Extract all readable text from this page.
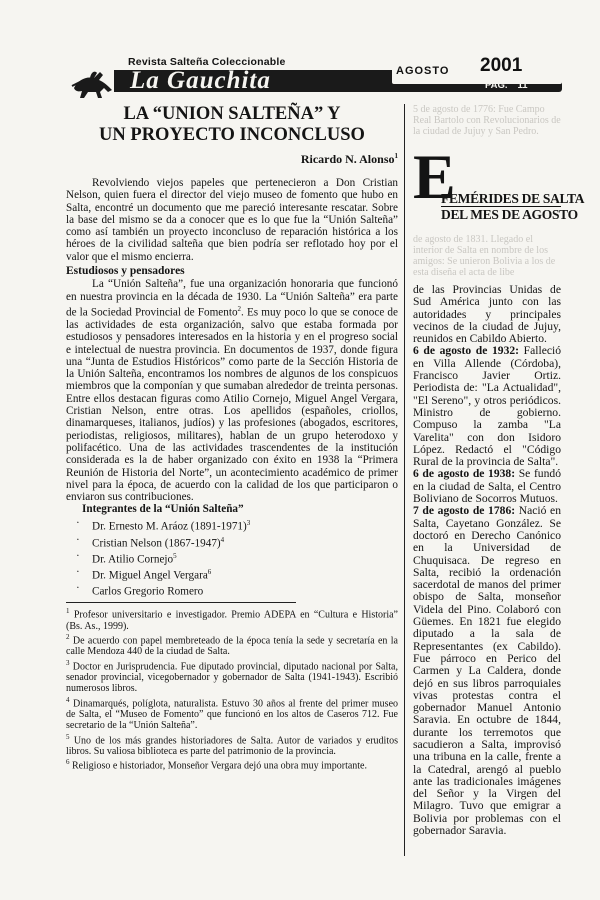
Revista Salteña Coleccionable
La Gauchita	AGOSTO 2001
PAG. 11
LA “UNION SALTEÑA” Y
UN PROYECTO INCONCLUSO
Ricardo N. Alonso$^1$

Revolviendo viejos papeles que pertenecieron a Don Cristian Nelson, quien fuera el director del viejo museo de fomento que hubo en Salta, encontré un documento que me pareció interesante rescatar. Sobre la base del mismo se da a conocer que es lo que fue la “Unión Salteña” como así también un proyecto inconcluso de reparación histórica a los héroes de la civilidad salteña que bien podría ser reflotado hoy por el valor que el mismo encierra.

Estudiosos y pensadores

La “Unión Salteña”, fue una organización honoraria que funcionó en nuestra provincia en la década de 1930. La “Unión Salteña” era parte de la Sociedad Provincial de Fomento$^2$. Es muy poco lo que se conoce de las actividades de esta organización, salvo que estaba formada por estudiosos y pensadores interesados en la historia y en el progreso social e intelectual de nuestra provincia. En documentos de 1937, donde figura una “Junta de Estudios Históricos” como parte de la Sección Historia de la Unión Salteña, encontramos los nombres de algunos de los conspicuos miembros que la componían y que sumaban alrededor de treinta personas. Entre ellos destacan figuras como Atilio Cornejo, Miguel Angel Vergara, Cristian Nelson, entre otras. Los apellidos (españoles, criollos, dinamarqueses, italianos, judíos) y las profesiones (abogados, escritores, periodistas, religiosos, militares), hablan de un grupo heterodoxo y polifacético. Una de las actividades trascendentes de la institución considerada es la de haber organizado con éxito en 1938 la “Primera Reunión de Historia del Norte”, un acontecimiento académico de primer nivel para la época, de acuerdo con la calidad de los que participaron o enviaron sus contribuciones.

Integrantes de la “Unión Salteña”
· Dr. Ernesto M. Aráoz (1891-1971)$^3$
· Cristian Nelson (1867-1947)$^4$
· Dr. Atilio Cornejo$^5$
· Dr. Miguel Angel Vergara$^6$
· Carlos Gregorio Romero
$^1$ Profesor universitario e investigador. Premio ADEPA en “Cultura e Historia” (Bs. As., 1999).
$^2$ De acuerdo con papel membreteado de la época tenía la sede y secretaría en la calle Mendoza 440 de la ciudad de Salta.
$^3$ Doctor en Jurisprudencia. Fue diputado provincial, diputado nacional por Salta, senador provincial, vicegobernador y gobernador de Salta (1941-1943). Escribió numerosos libros.
$^4$ Dinamarqués, políglota, naturalista. Estuvo 30 años al frente del primer museo de Salta, el “Museo de Fomento” que funcionó en los altos de Caseros 712. Fue secretario de la “Unión Salteña”.
$^5$ Uno de los más grandes historiadores de Salta. Autor de variados y eruditos libros. Su valiosa biblioteca es parte del patrimonio de la provincia.
$^6$ Religioso e historiador, Monseñor Vergara dejó una obra muy importante.
5 de agosto de 1776: Fue Campo Real Bartolo con Revolucionarios de la ciudad de Jujuy y San Pedro.
E
FEMÉRIDES DE SALTA
DEL MES DE AGOSTO
de agosto de 1831. Llegado el interior de Salta en nombre de los amigos: Se unieron Bolivia a los de esta diseña el acta de libe

de las Provincias Unidas de Sud América junto con las autoridades y principales vecinos de la ciudad de Jujuy, reunidos en Cabildo Abierto.

6 de agosto de 1932: Falleció en Villa Allende (Córdoba), Francisco Javier Ortiz. Periodista de: "La Actualidad", "El Sereno", y otros periódicos. Ministro de gobierno. Compuso la zamba "La Varelita" con don Isidoro López. Redactó el "Código Rural de la provincia de Salta".

6 de agosto de 1938: Se fundó en la ciudad de Salta, el Centro Boliviano de Socorros Mutuos.

7 de agosto de 1786: Nació en Salta, Cayetano González. Se doctoró en Derecho Canónico en la Universidad de Chuquisaca. De regreso en Salta, recibió la ordenación sacerdotal de manos del primer obispo de Salta, monseñor Videla del Pino. Colaboró con Güemes. En 1821 fue elegido diputado a la sala de Representantes (ex Cabildo). Fue párroco en Perico del Carmen y La Caldera, donde dejó en sus libros parroquiales vivas protestas contra el gobernador Manuel Antonio Saravia. En octubre de 1844, durante los terremotos que sacudieron a Salta, improvisó una tribuna en la calle, frente a la Catedral, arengó al pueblo ante las tradicionales imágenes del Señor y la Virgen del Milagro. Tuvo que emigrar a Bolivia por problemas con el gobernador Saravia.
